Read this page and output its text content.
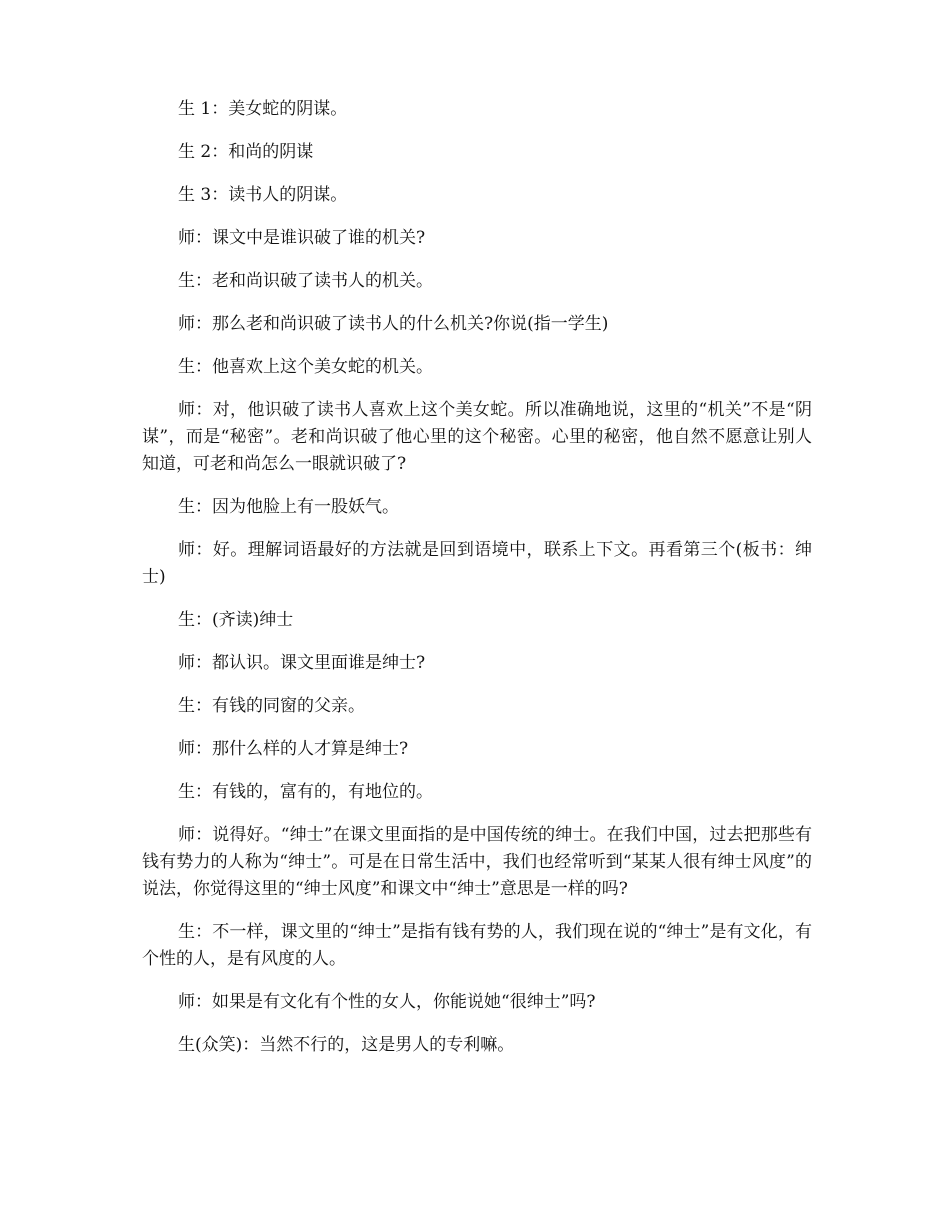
生 1：美女蛇的阴谋。

生 2：和尚的阴谋

生 3：读书人的阴谋。

师：课文中是谁识破了谁的机关?

生：老和尚识破了读书人的机关。

师：那么老和尚识破了读书人的什么机关?你说(指一学生)

生：他喜欢上这个美女蛇的机关。

师：对，他识破了读书人喜欢上这个美女蛇。所以准确地说，这里的“机关”不是“阴谋”，而是“秘密”。老和尚识破了他心里的这个秘密。心里的秘密，他自然不愿意让别人知道，可老和尚怎么一眼就识破了?

生：因为他脸上有一股妖气。

师：好。理解词语最好的方法就是回到语境中，联系上下文。再看第三个(板书：绅士)

生：(齐读)绅士

师：都认识。课文里面谁是绅士?

生：有钱的同窗的父亲。

师：那什么样的人才算是绅士?

生：有钱的，富有的，有地位的。

师：说得好。“绅士”在课文里面指的是中国传统的绅士。在我们中国，过去把那些有钱有势力的人称为“绅士”。可是在日常生活中，我们也经常听到“某某人很有绅士风度”的说法，你觉得这里的“绅士风度”和课文中“绅士”意思是一样的吗?

生：不一样，课文里的“绅士”是指有钱有势的人，我们现在说的“绅士”是有文化，有个性的人，是有风度的人。

师：如果是有文化有个性的女人，你能说她“很绅士”吗?

生(众笑)：当然不行的，这是男人的专利嘛。
